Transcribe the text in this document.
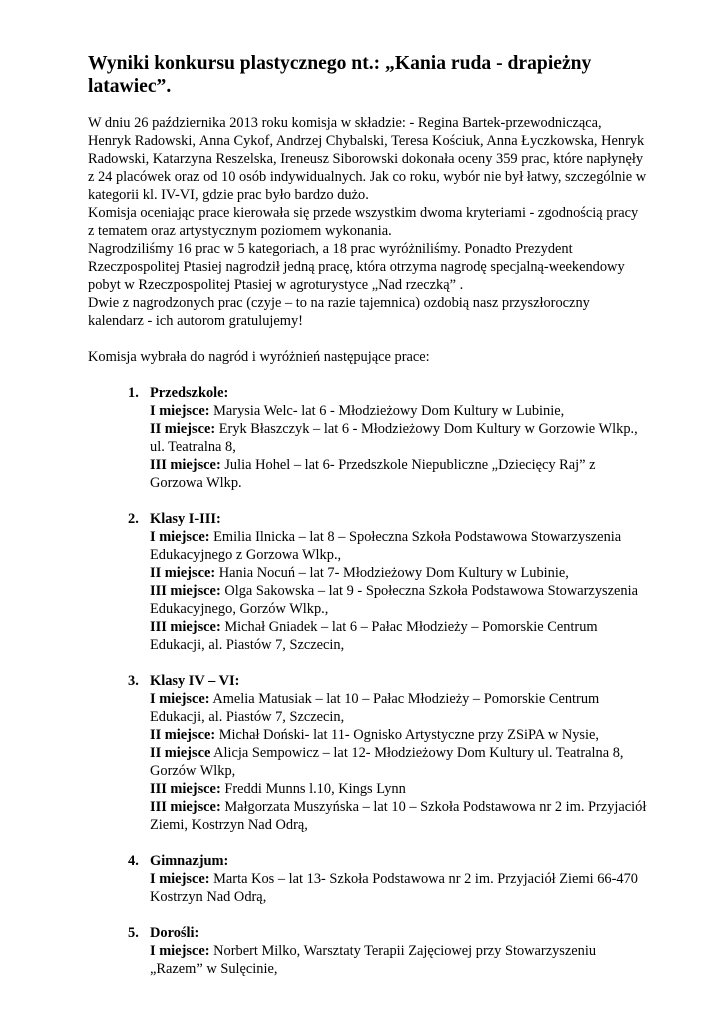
Wyniki konkursu plastycznego nt.: „Kania ruda - drapieżny latawiec”.

W dniu 26 października 2013 roku komisja w składzie: - Regina Bartek-przewodnicząca, Henryk Radowski, Anna Cykof, Andrzej Chybalski, Teresa Kościuk, Anna Łyczkowska, Henryk Radowski, Katarzyna Reszelska, Ireneusz Siborowski dokonała oceny 359 prac, które napłynęły z 24 placówek oraz od 10 osób indywidualnych. Jak co roku, wybór nie był łatwy, szczególnie w kategorii kl. IV-VI, gdzie prac było bardzo dużo.

Komisja oceniając prace kierowała się przede wszystkim dwoma kryteriami - zgodnością pracy z tematem oraz artystycznym poziomem wykonania.

Nagrodziliśmy 16 prac w 5 kategoriach, a 18 prac wyróżniliśmy. Ponadto Prezydent Rzeczpospolitej Ptasiej nagrodził jedną pracę, która otrzyma nagrodę specjalną-weekendowy pobyt w Rzeczpospolitej Ptasiej w agroturystyce „Nad rzeczką” .

Dwie z nagrodzonych prac (czyje – to na razie tajemnica) ozdobią nasz przyszłoroczny kalendarz - ich autorom gratulujemy!

Komisja wybrała do nagród i wyróżnień następujące prace:

1. Przedszkole:
I miejsce: Marysia Welc- lat 6 - Młodzieżowy Dom Kultury w Lubinie,
II miejsce: Eryk Błaszczyk – lat 6 - Młodzieżowy Dom Kultury w Gorzowie Wlkp., ul. Teatralna 8,
III miejsce: Julia Hohel – lat 6- Przedszkole Niepubliczne „Dziecięcy Raj” z Gorzowa Wlkp.
2. Klasy I-III:
I miejsce: Emilia Ilnicka – lat 8 – Społeczna Szkoła Podstawowa Stowarzyszenia Edukacyjnego z Gorzowa Wlkp.,
II miejsce: Hania Nocuń – lat 7- Młodzieżowy Dom Kultury w Lubinie,
III miejsce: Olga Sakowska – lat 9 - Społeczna Szkoła Podstawowa Stowarzyszenia Edukacyjnego, Gorzów Wlkp.,
III miejsce: Michał Gniadek – lat 6 – Pałac Młodzieży – Pomorskie Centrum Edukacji, al. Piastów 7, Szczecin,
3. Klasy IV – VI:
I miejsce: Amelia Matusiak – lat 10 – Pałac Młodzieży – Pomorskie Centrum Edukacji, al. Piastów 7, Szczecin,
II miejsce: Michał Doński- lat 11- Ognisko Artystyczne przy ZSiPA w Nysie,
II miejsce Alicja Sempowicz – lat 12- Młodzieżowy Dom Kultury ul. Teatralna 8, Gorzów Wlkp,
III miejsce: Freddi Munns l.10, Kings Lynn
III miejsce: Małgorzata Muszyńska – lat 10 – Szkoła Podstawowa nr 2 im. Przyjaciół Ziemi, Kostrzyn Nad Odrą,
4. Gimnazjum:
I miejsce: Marta Kos – lat 13- Szkoła Podstawowa nr 2 im. Przyjaciół Ziemi 66-470 Kostrzyn Nad Odrą,
5. Dorośli:
I miejsce: Norbert Milko, Warsztaty Terapii Zajęciowej przy Stowarzyszeniu „Razem” w Sulęcinie,
